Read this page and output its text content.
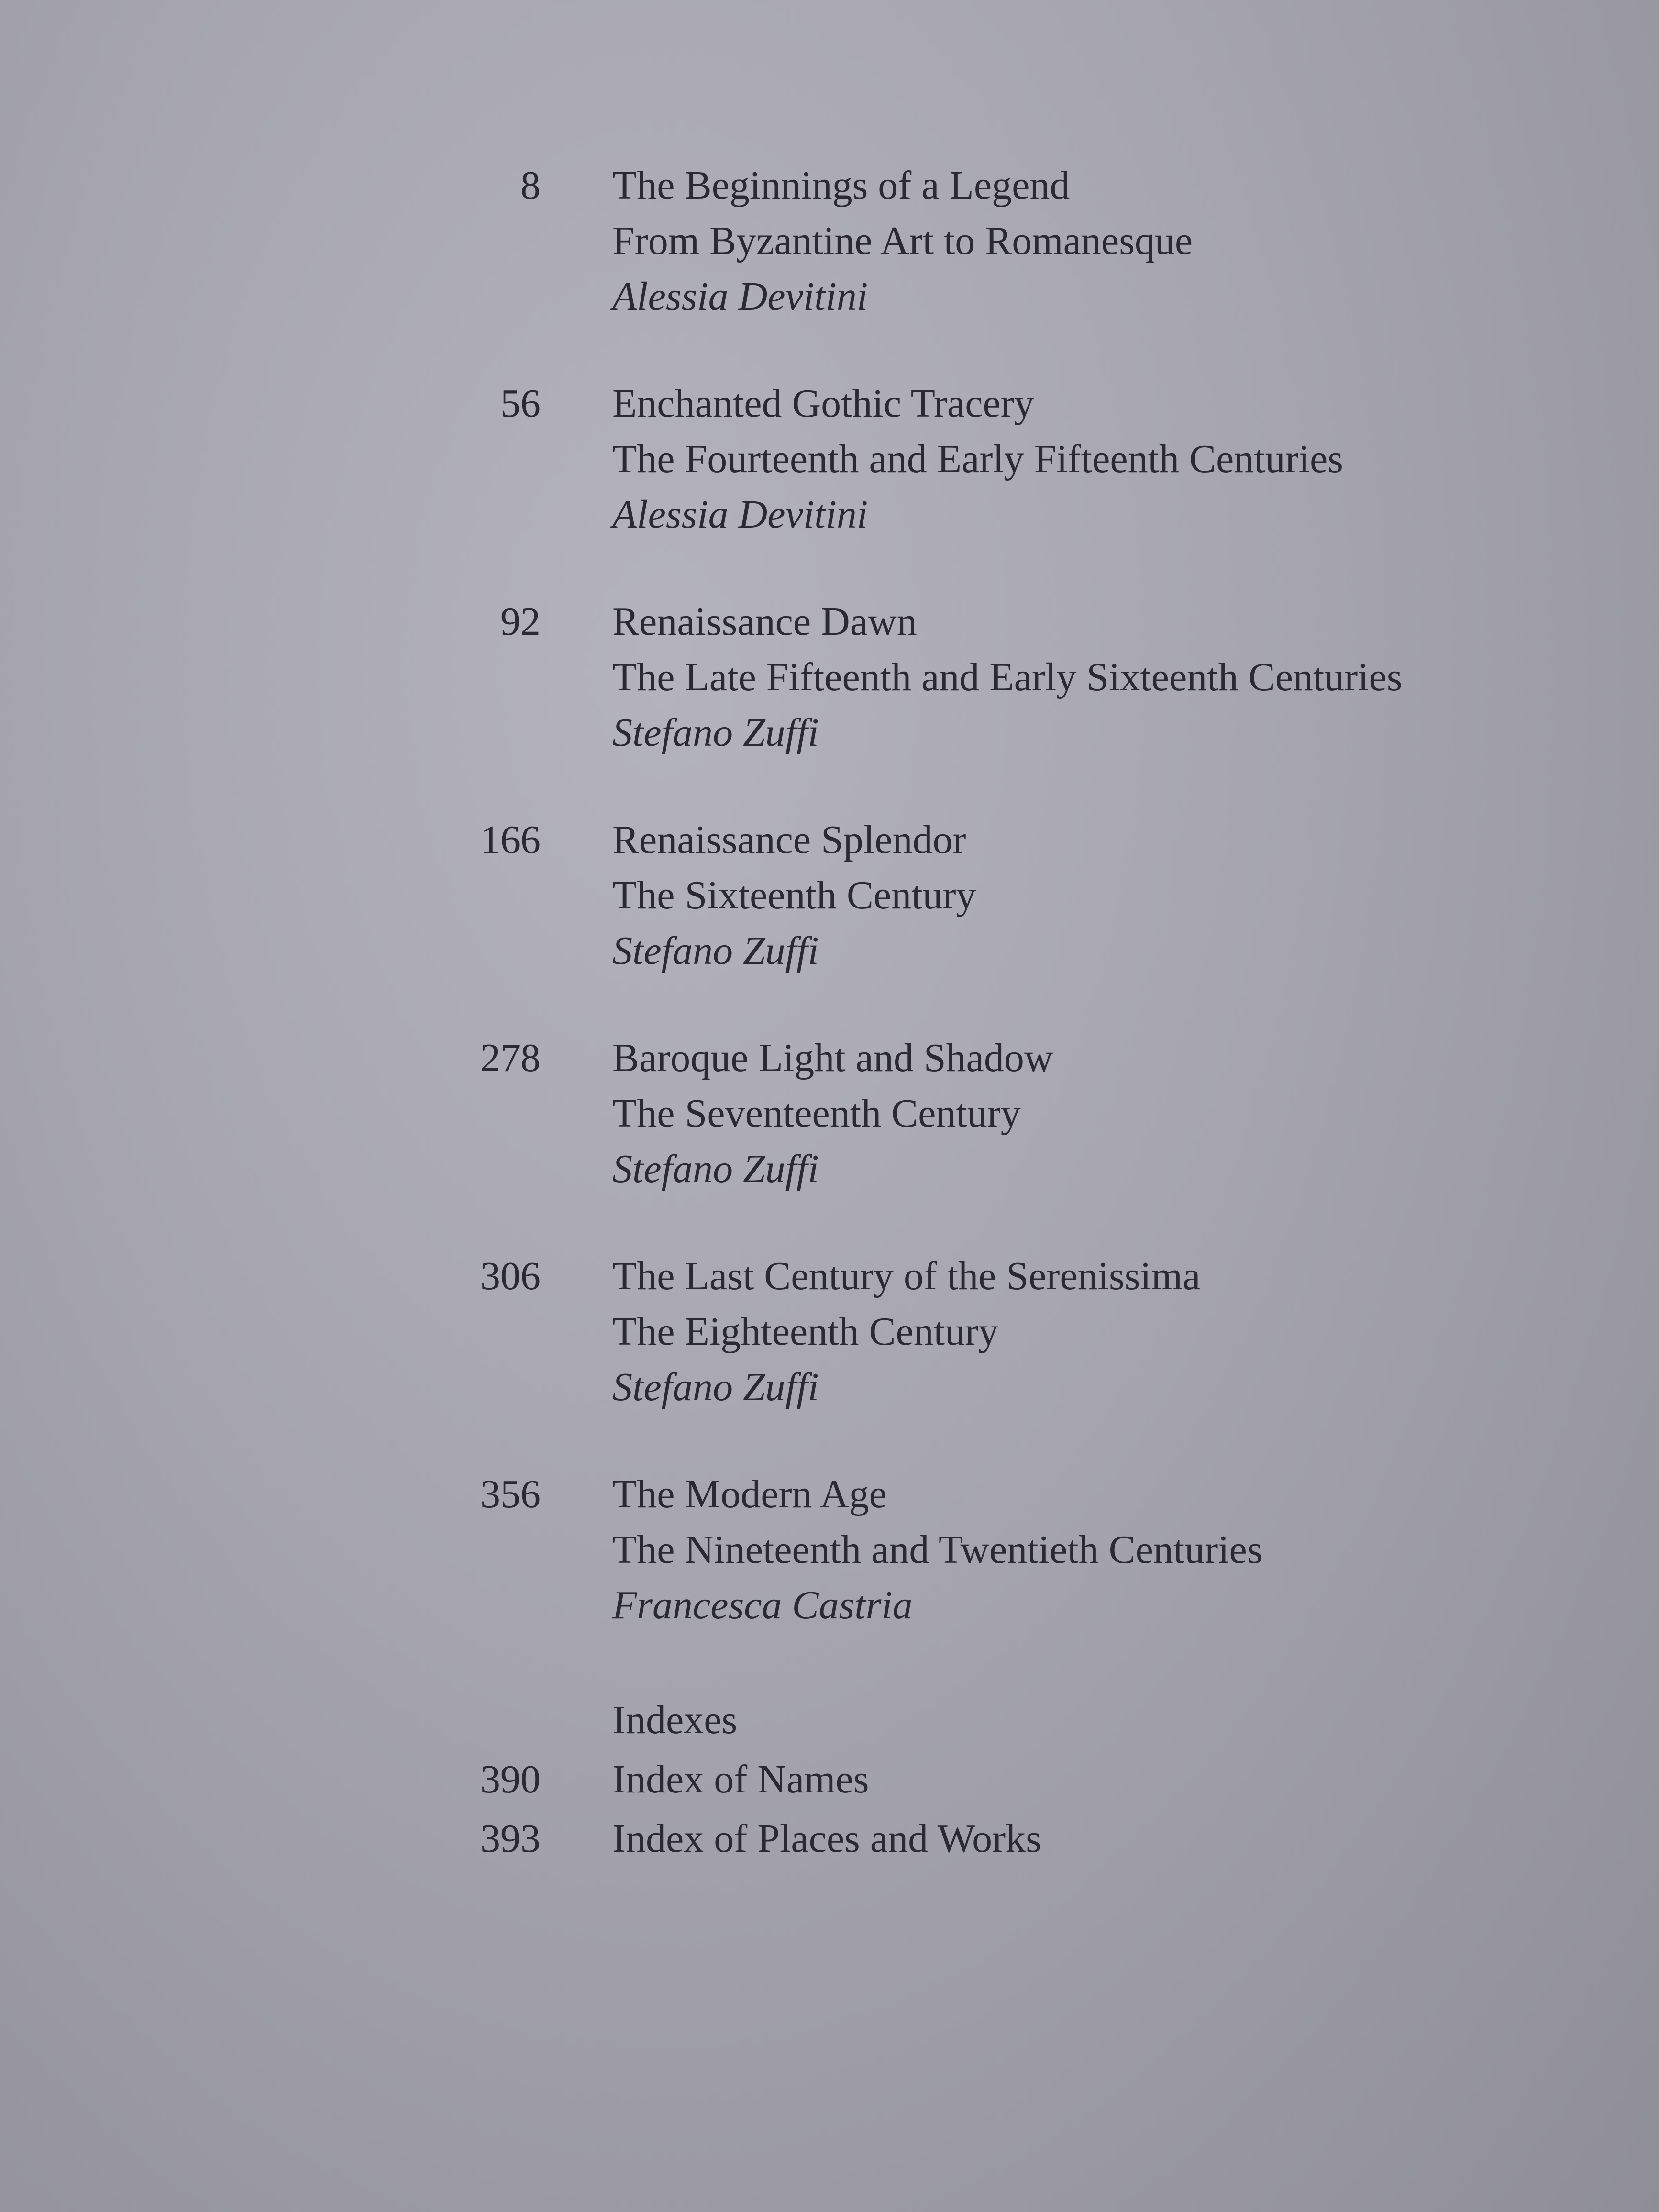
8 The Beginnings of a Legend
From Byzantine Art to Romanesque
Alessia Devitini
56 Enchanted Gothic Tracery
The Fourteenth and Early Fifteenth Centuries
Alessia Devitini
92 Renaissance Dawn
The Late Fifteenth and Early Sixteenth Centuries
Stefano Zuffi
166 Renaissance Splendor
The Sixteenth Century
Stefano Zuffi
278 Baroque Light and Shadow
The Seventeenth Century
Stefano Zuffi
306 The Last Century of the Serenissima
The Eighteenth Century
Stefano Zuffi
356 The Modern Age
The Nineteenth and Twentieth Centuries
Francesca Castria
Indexes
390 Index of Names
393 Index of Places and Works
